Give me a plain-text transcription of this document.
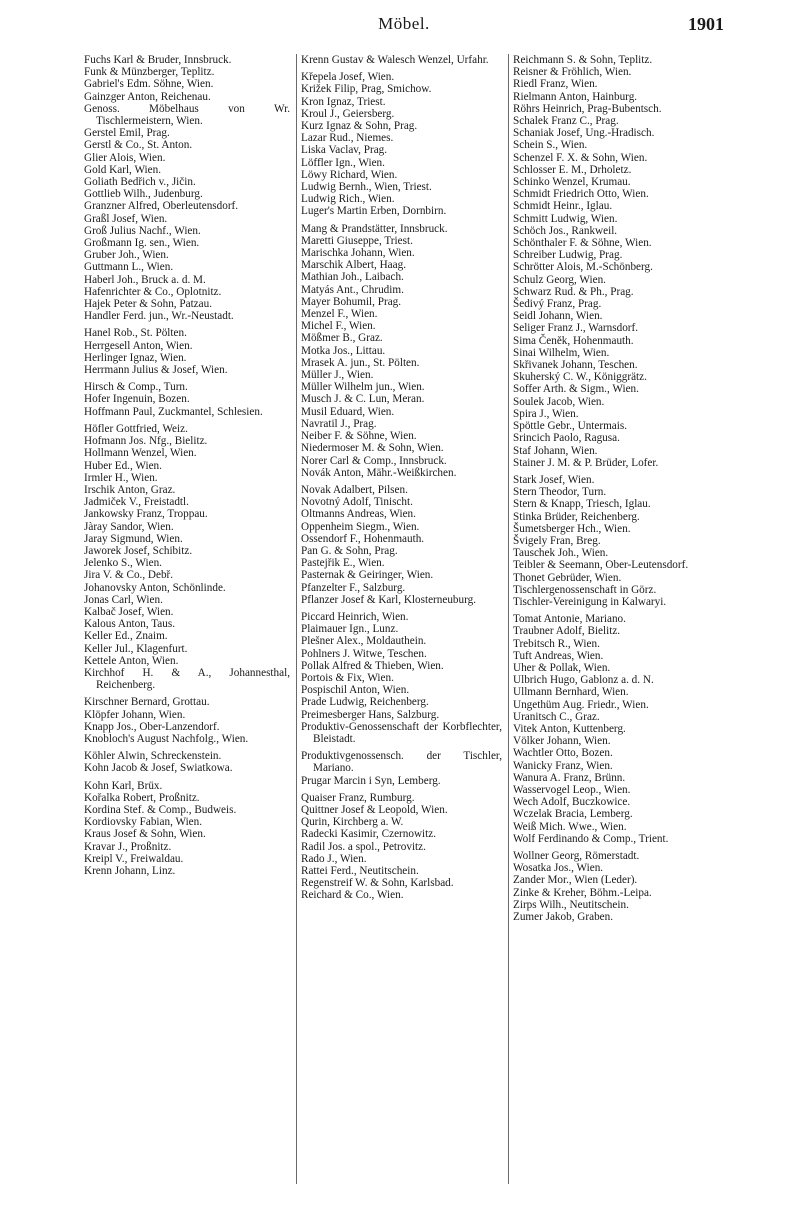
Möbel.	1901
Fuchs Karl & Bruder, Innsbruck.
Funk & Münzberger, Teplitz.
Gabriel's Edm. Söhne, Wien.
Gainzger Anton, Reichenau.
Genoss. Möbelhaus von Wr. Tischlermeistern, Wien.
Gerstel Emil, Prag.
Gerstl & Co., St. Anton.
Glier Alois, Wien.
Gold Karl, Wien.
Goliath Bedřich v., Jičin.
Gottlieb Wilh., Judenburg.
Granzner Alfred, Oberleutensdorf.
Graßl Josef, Wien.
Groß Julius Nachf., Wien.
Großmann Ig. sen., Wien.
Gruber Joh., Wien.
Guttmann L., Wien.
Haberl Joh., Bruck a. d. M.
Hafenrichter & Co., Oplotnitz.
Hajek Peter & Sohn, Patzau.
Handler Ferd. jun., Wr.-Neustadt.
Hanel Rob., St. Pölten.
Herrgesell Anton, Wien.
Herlinger Ignaz, Wien.
Herrmann Julius & Josef, Wien.
Hirsch & Comp., Turn.
Hofer Ingenuin, Bozen.
Hoffmann Paul, Zuckmantel, Schlesien.
Höfler Gottfried, Weiz.
Hofmann Jos. Nfg., Bielitz.
Hollmann Wenzel, Wien.
Huber Ed., Wien.
Irmler H., Wien.
Irschik Anton, Graz.
Jadmiček V., Freistadtl.
Jankowsky Franz, Troppau.
Jàray Sandor, Wien.
Jaray Sigmund, Wien.
Jaworek Josef, Schibitz.
Jelenko S., Wien.
Jira V. & Co., Debř.
Johanovsky Anton, Schönlinde.
Jonas Carl, Wien.
Kalbač Josef, Wien.
Kalous Anton, Taus.
Keller Ed., Znaim.
Keller Jul., Klagenfurt.
Kettele Anton, Wien.
Kirchhof H. & A., Johannesthal, Reichenberg.
Kirschner Bernard, Grottau.
Klöpfer Johann, Wien.
Knapp Jos., Ober-Lanzendorf.
Knobloch's August Nachfolg., Wien.
Köhler Alwin, Schreckenstein.
Kohn Jacob & Josef, Swiatkowa.
Kohn Karl, Brüx.
Kořalka Robert, Proßnitz.
Kordina Stef. & Comp., Budweis.
Kordiovsky Fabian, Wien.
Kraus Josef & Sohn, Wien.
Kravar J., Proßnitz.
Kreipl V., Freiwaldau.
Krenn Johann, Linz.
Krenn Gustav & Walesch Wenzel, Urfahr.
Křepela Josef, Wien.
Križek Filip, Prag, Smichow.
Kron Ignaz, Triest.
Kroul J., Geiersberg.
Kurz Ignaz & Sohn, Prag.
Lazar Rud., Niemes.
Liska Vaclav, Prag.
Löffler Ign., Wien.
Löwy Richard, Wien.
Ludwig Bernh., Wien, Triest.
Ludwig Rich., Wien.
Luger's Martin Erben, Dornbirn.
Mang & Prandstätter, Innsbruck.
Maretti Giuseppe, Triest.
Marischka Johann, Wien.
Marschik Albert, Haag.
Mathian Joh., Laibach.
Matyás Ant., Chrudim.
Mayer Bohumil, Prag.
Menzel F., Wien.
Michel F., Wien.
Mößmer B., Graz.
Motka Jos., Littau.
Mrasek A. jun., St. Pölten.
Müller J., Wien.
Müller Wilhelm jun., Wien.
Musch J. & C. Lun, Meran.
Musil Eduard, Wien.
Navratil J., Prag.
Neiber F. & Söhne, Wien.
Niedermoser M. & Sohn, Wien.
Norer Carl & Comp., Innsbruck.
Novák Anton, Mähr.-Weißkirchen.
Novak Adalbert, Pilsen.
Novotný Adolf, Tinischt.
Oltmanns Andreas, Wien.
Oppenheim Siegm., Wien.
Ossendorf F., Hohenmauth.
Pan G. & Sohn, Prag.
Pastejřik E., Wien.
Pasternak & Geiringer, Wien.
Pfanzelter F., Salzburg.
Pflanzer Josef & Karl, Klosterneuburg.
Piccard Heinrich, Wien.
Plaimauer Ign., Lunz.
Plešner Alex., Moldauthein.
Pohlners J. Witwe, Teschen.
Pollak Alfred & Thieben, Wien.
Portois & Fix, Wien.
Pospischil Anton, Wien.
Prade Ludwig, Reichenberg.
Preimesberger Hans, Salzburg.
Produktiv-Genossenschaft der Korbflechter, Bleistadt.
Produktivgenossensch. der Tischler, Mariano.
Prugar Marcin i Syn, Lemberg.
Quaiser Franz, Rumburg.
Quittner Josef & Leopold, Wien.
Qurin, Kirchberg a. W.
Radecki Kasimir, Czernowitz.
Radil Jos. a spol., Petrovitz.
Rado J., Wien.
Rattei Ferd., Neutitschein.
Regenstreif W. & Sohn, Karlsbad.
Reichard & Co., Wien.
Reichmann S. & Sohn, Teplitz.
Reisner & Fröhlich, Wien.
Riedl Franz, Wien.
Rielmann Anton, Hainburg.
Röhrs Heinrich, Prag-Bubentsch.
Schalek Franz C., Prag.
Schaniak Josef, Ung.-Hradisch.
Schein S., Wien.
Schenzel F. X. & Sohn, Wien.
Schlosser E. M., Drholetz.
Schinko Wenzel, Krumau.
Schmidt Friedrich Otto, Wien.
Schmidt Heinr., Iglau.
Schmitt Ludwig, Wien.
Schöch Jos., Rankweil.
Schönthaler F. & Söhne, Wien.
Schreiber Ludwig, Prag.
Schrötter Alois, M.-Schönberg.
Schulz Georg, Wien.
Schwarz Rud. & Ph., Prag.
Šedivý Franz, Prag.
Seidl Johann, Wien.
Seliger Franz J., Warnsdorf.
Sima Čeněk, Hohenmauth.
Sinai Wilhelm, Wien.
Skřivanek Johann, Teschen.
Skuherský C. W., Königgrätz.
Soffer Arth. & Sigm., Wien.
Soulek Jacob, Wien.
Spira J., Wien.
Spöttle Gebr., Untermais.
Srincich Paolo, Ragusa.
Staf Johann, Wien.
Stainer J. M. & P. Brüder, Lofer.
Stark Josef, Wien.
Stern Theodor, Turn.
Stern & Knapp, Triesch, Iglau.
Stinka Brüder, Reichenberg.
Šumetsberger Hch., Wien.
Švigely Fran, Breg.
Tauschek Joh., Wien.
Teibler & Seemann, Ober-Leutensdorf.
Thonet Gebrüder, Wien.
Tischlergenossenschaft in Görz.
Tischler-Vereinigung in Kalwaryi.
Tomat Antonie, Mariano.
Traubner Adolf, Bielitz.
Trebitsch R., Wien.
Tuft Andreas, Wien.
Uher & Pollak, Wien.
Ulbrich Hugo, Gablonz a. d. N.
Ullmann Bernhard, Wien.
Ungethüm Aug. Friedr., Wien.
Uranitsch C., Graz.
Vitek Anton, Kuttenberg.
Völker Johann, Wien.
Wachtler Otto, Bozen.
Wanicky Franz, Wien.
Wanura A. Franz, Brünn.
Wasservogel Leop., Wien.
Wech Adolf, Buczkowice.
Wczelak Bracia, Lemberg.
Weiß Mich. Wwe., Wien.
Wolf Ferdinando & Comp., Trient.
Wollner Georg, Römerstadt.
Wosatka Jos., Wien.
Zander Mor., Wien (Leder).
Zinke & Kreher, Böhm.-Leipa.
Zirps Wilh., Neutitschein.
Zumer Jakob, Graben.
